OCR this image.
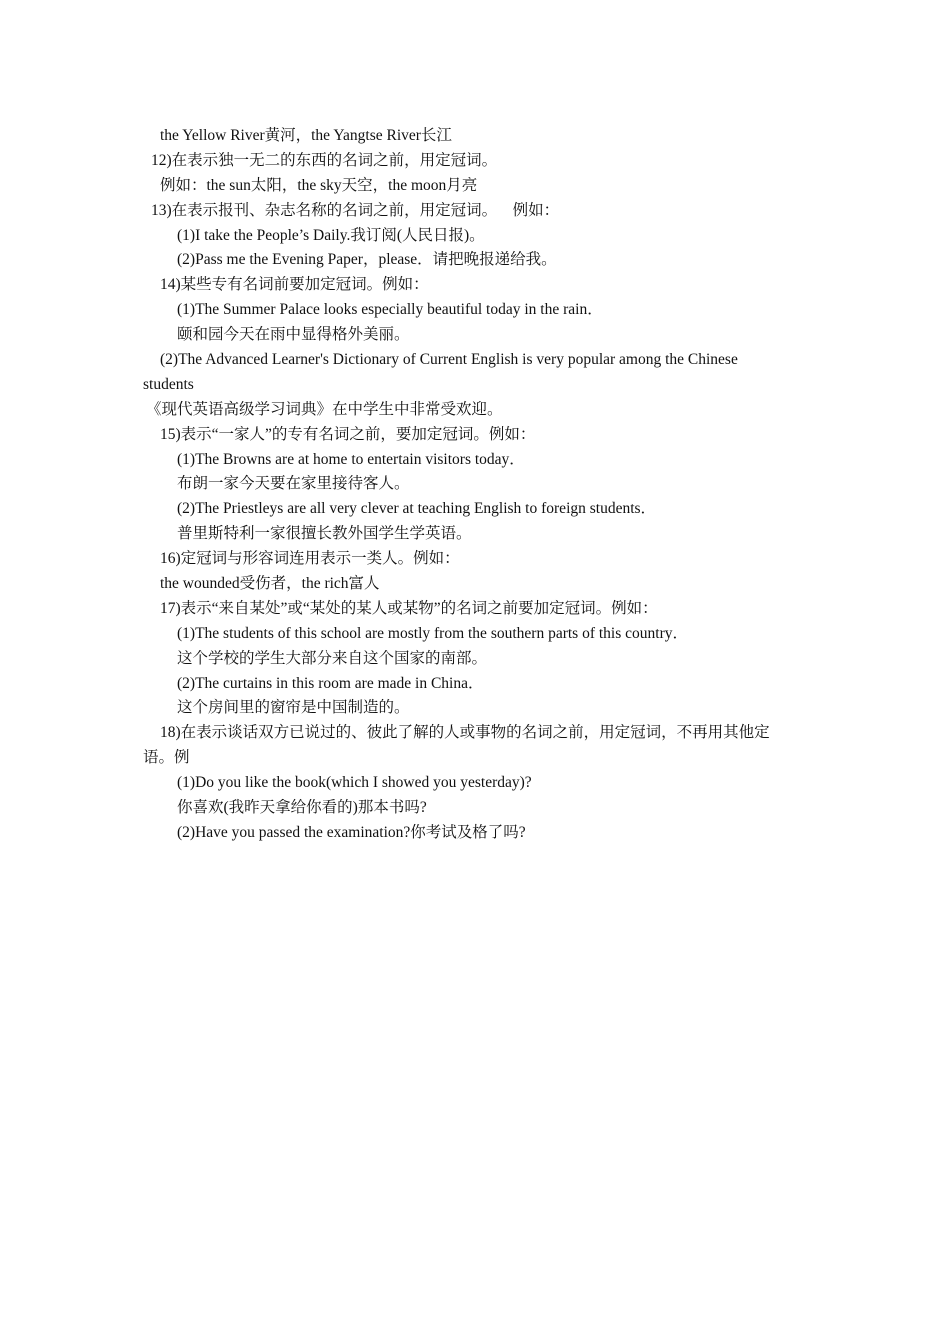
the Yellow River黄河，the Yangtse River长江
12)在表示独一无二的东西的名词之前，用定冠词。
例如：the sun太阳，the sky天空，the moon月亮
13)在表示报刊、杂志名称的名词之前，用定冠词。    例如：
(1)I take the People’s Daily.我订阅(人民日报)。
(2)Pass me the Evening Paper，please．请把晚报递给我。
14)某些专有名词前要加定冠词。例如：
(1)The Summer Palace looks especially beautiful today in the rain．
颐和园今天在雨中显得格外美丽。
(2)The Advanced Learner's Dictionary of Current English is very popular among the Chinese
students
《现代英语高级学习词典》在中学生中非常受欢迎。
15)表示“一家人”的专有名词之前，要加定冠词。例如：
(1)The Browns are at home to entertain visitors today．
布朗一家今天要在家里接待客人。
(2)The Priestleys are all very clever at teaching English to foreign students．
普里斯特利一家很擅长教外国学生学英语。
16)定冠词与形容词连用表示一类人。例如：
the wounded受伤者，the rich富人
17)表示“来自某处”或“某处的某人或某物”的名词之前要加定冠词。例如：
(1)The students of this school are mostly from the southern parts of this country．
这个学校的学生大部分来自这个国家的南部。
(2)The curtains in this room are made in China．
这个房间里的窗帘是中国制造的。
18)在表示谈话双方已说过的、彼此了解的人或事物的名词之前，用定冠词，不再用其他定
语。例
(1)Do you like the book(which I showed you yesterday)?
你喜欢(我昨天拿给你看的)那本书吗?
(2)Have you passed the examination?你考试及格了吗?
